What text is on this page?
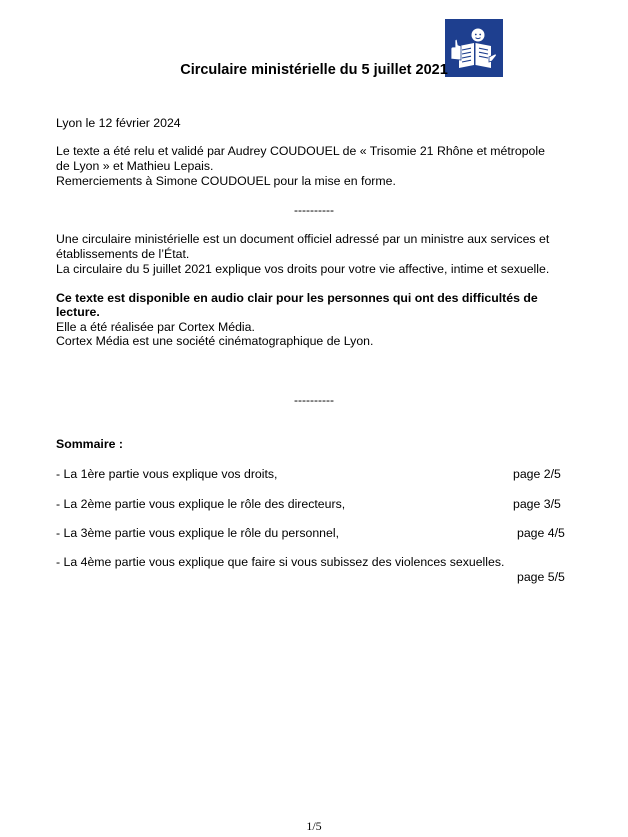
Circulaire ministérielle du 5 juillet 2021
Lyon le 12 février 2024
Le texte a été relu et validé par Audrey COUDOUEL de « Trisomie 21 Rhône et métropole
de Lyon » et Mathieu Lepais.
Remerciements à Simone COUDOUEL pour la mise en forme.
----------
Une circulaire ministérielle est un document officiel adressé par un ministre aux services et
établissements de l’État.
La circulaire du 5 juillet 2021 explique vos droits pour votre vie affective, intime et sexuelle.
Ce texte est disponible en audio clair pour les personnes qui ont des difficultés de
lecture.
Elle a été réalisée par Cortex Média.
Cortex Média est une société cinématographique de Lyon.
----------
Sommaire :
- La 1ère partie vous explique vos droits,	page 2/5
- La 2ème partie vous explique le rôle des directeurs,	page 3/5
- La 3ème partie vous explique le rôle du personnel,	page 4/5
- La 4ème partie vous explique que faire si vous subissez des violences sexuelles.
page 5/5
1/5
